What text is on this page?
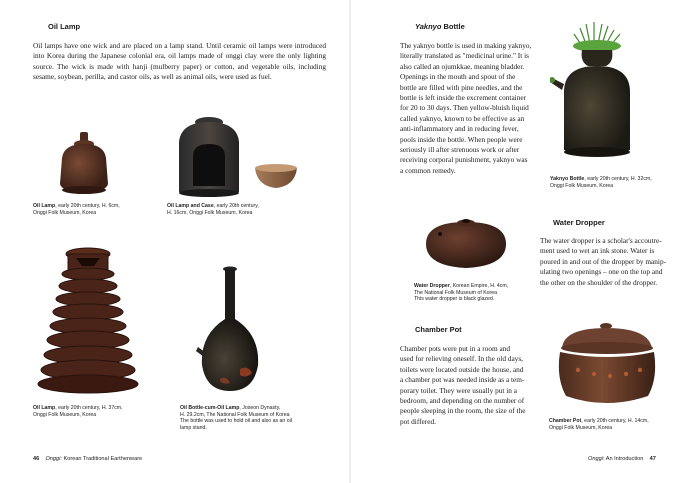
Oil Lamp
Oil lamps have one wick and are placed on a lamp stand. Until ceramic oil lamps were introduced into Korea during the Japanese colonial era, oil lamps made of onggi clay were the only lighting source. The wick is made with hanji (mulberry paper) or cotton, and vegetable oils, including sesame, soybean, perilla, and castor oils, as well as animal oils, were used as fuel.
Oil Lamp, early 20th century, H. 6cm,
Onggi Folk Museum, Korea
Oil Lamp and Case, early 20th century,
H. 16cm, Onggi Folk Museum, Korea
Oil Lamp, early 20th century, H. 37cm,
Onggi Folk Museum, Korea
Oil Bottle-cum-Oil Lamp, Joseon Dynasty,
H. 29.2cm, The National Folk Museum of Korea
The bottle was used to hold oil and also as an oil
lamp stand.
46 Onggi: Korean Traditional Earthenware
Yaknyo Bottle
The yaknyo bottle is used in making yaknyo,
literally translated as "medicinal urine." It is
also called an ojumkkae, meaning bladder.
Openings in the mouth and spout of the
bottle are filled with pine needles, and the
bottle is left inside the excrement container
for 20 to 30 days. Then yellow-bluish liquid
called yaknyo, known to be effective as an
anti-inflammatory and in reducing fever,
pools inside the bottle. When people were
seriously ill after strenuous work or after
receiving corporal punishment, yaknyo was
a common remedy.
Yaknyo Bottle, early 20th century, H. 32cm,
Onggi Folk Museum, Korea
Water Dropper
The water dropper is a scholar's accoutre-
ment used to wet an ink stone. Water is
poured in and out of the dropper by manip-
ulating two openings – one on the top and
the other on the shoulder of the dropper.
Water Dropper, Korean Empire, H. 4cm,
The National Folk Museum of Korea
This water dropper is black glazed.
Chamber Pot
Chamber pots were put in a room and
used for relieving oneself. In the old days,
toilets were located outside the house, and
a chamber pot was needed inside as a tem-
porary toilet. They were usually put in a
bedroom, and depending on the number of
people sleeping in the room, the size of the
pot differed.	Chamber Pot, early 20th century, H. 14cm,
Onggi Folk Museum, Korea
Onggi: An Introduction 47
